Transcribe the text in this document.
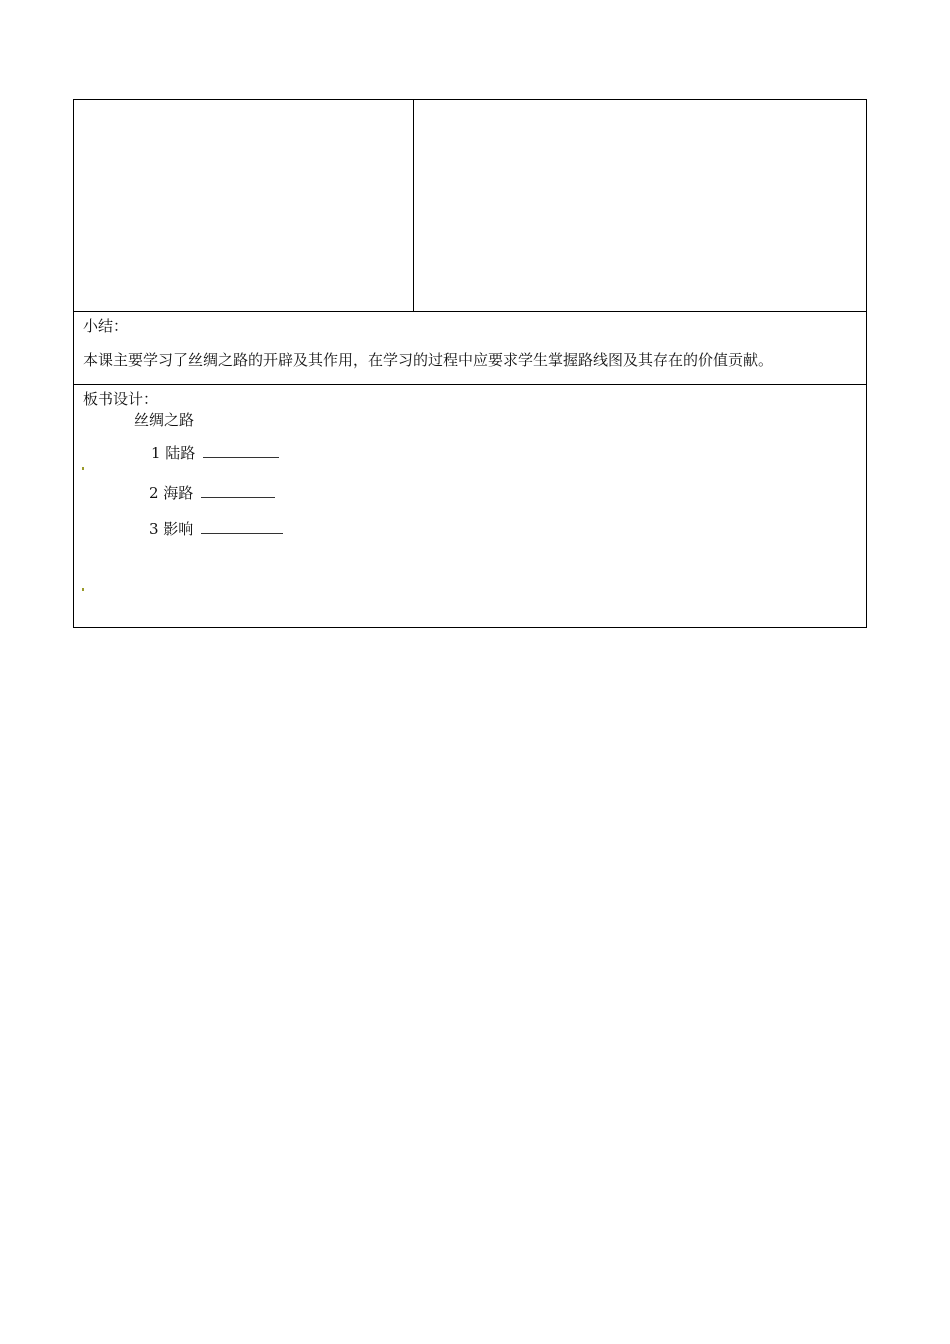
小结：
本课主要学习了丝绸之路的开辟及其作用，在学习的过程中应要求学生掌握路线图及其存在的价值贡献。

板书设计：
丝绸之路
1 陆路
2 海路
3 影响
